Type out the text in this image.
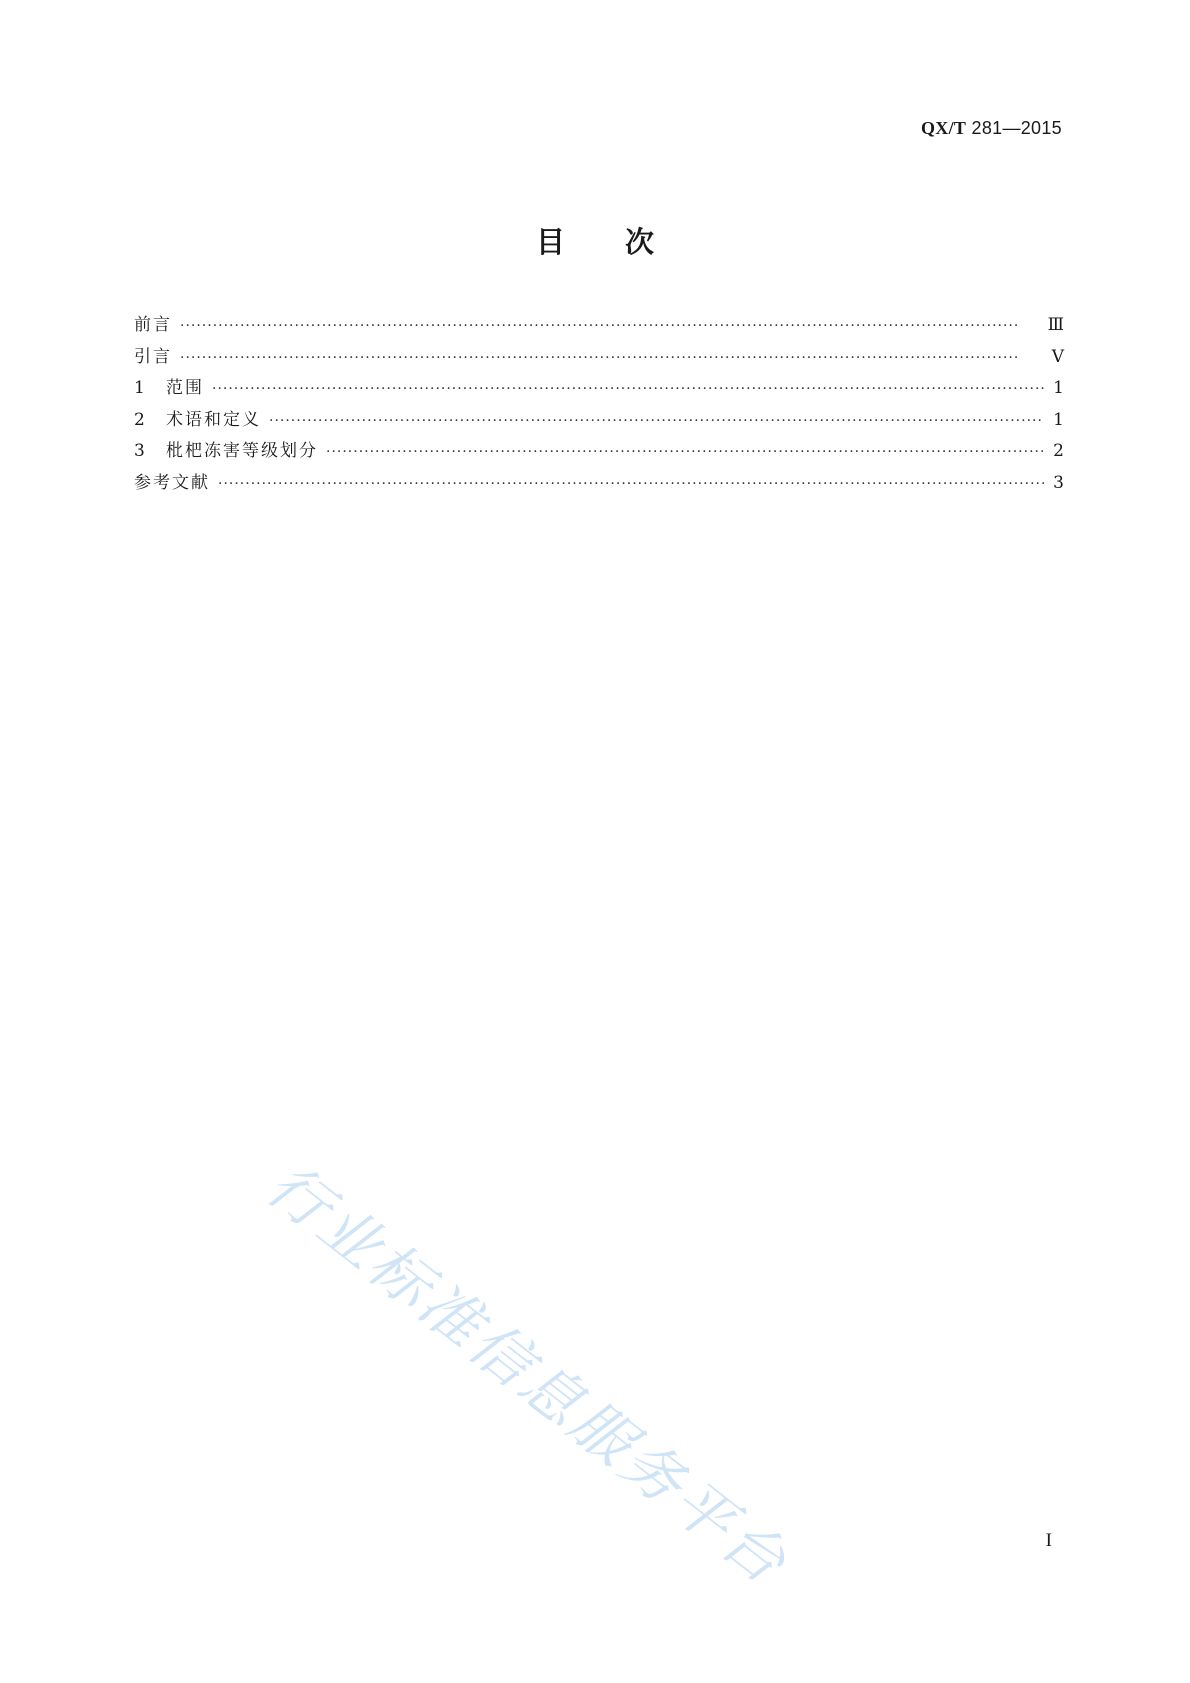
QX/T 281—2015
目次
前言 ·····	Ⅲ
引言 ·····	Ⅴ
1	范围 ·····	1
2	术语和定义 ·····	1
3	枇杷冻害等级划分 ·····	2
参考文献 ·····	3
行业标准信息服务平台	I
